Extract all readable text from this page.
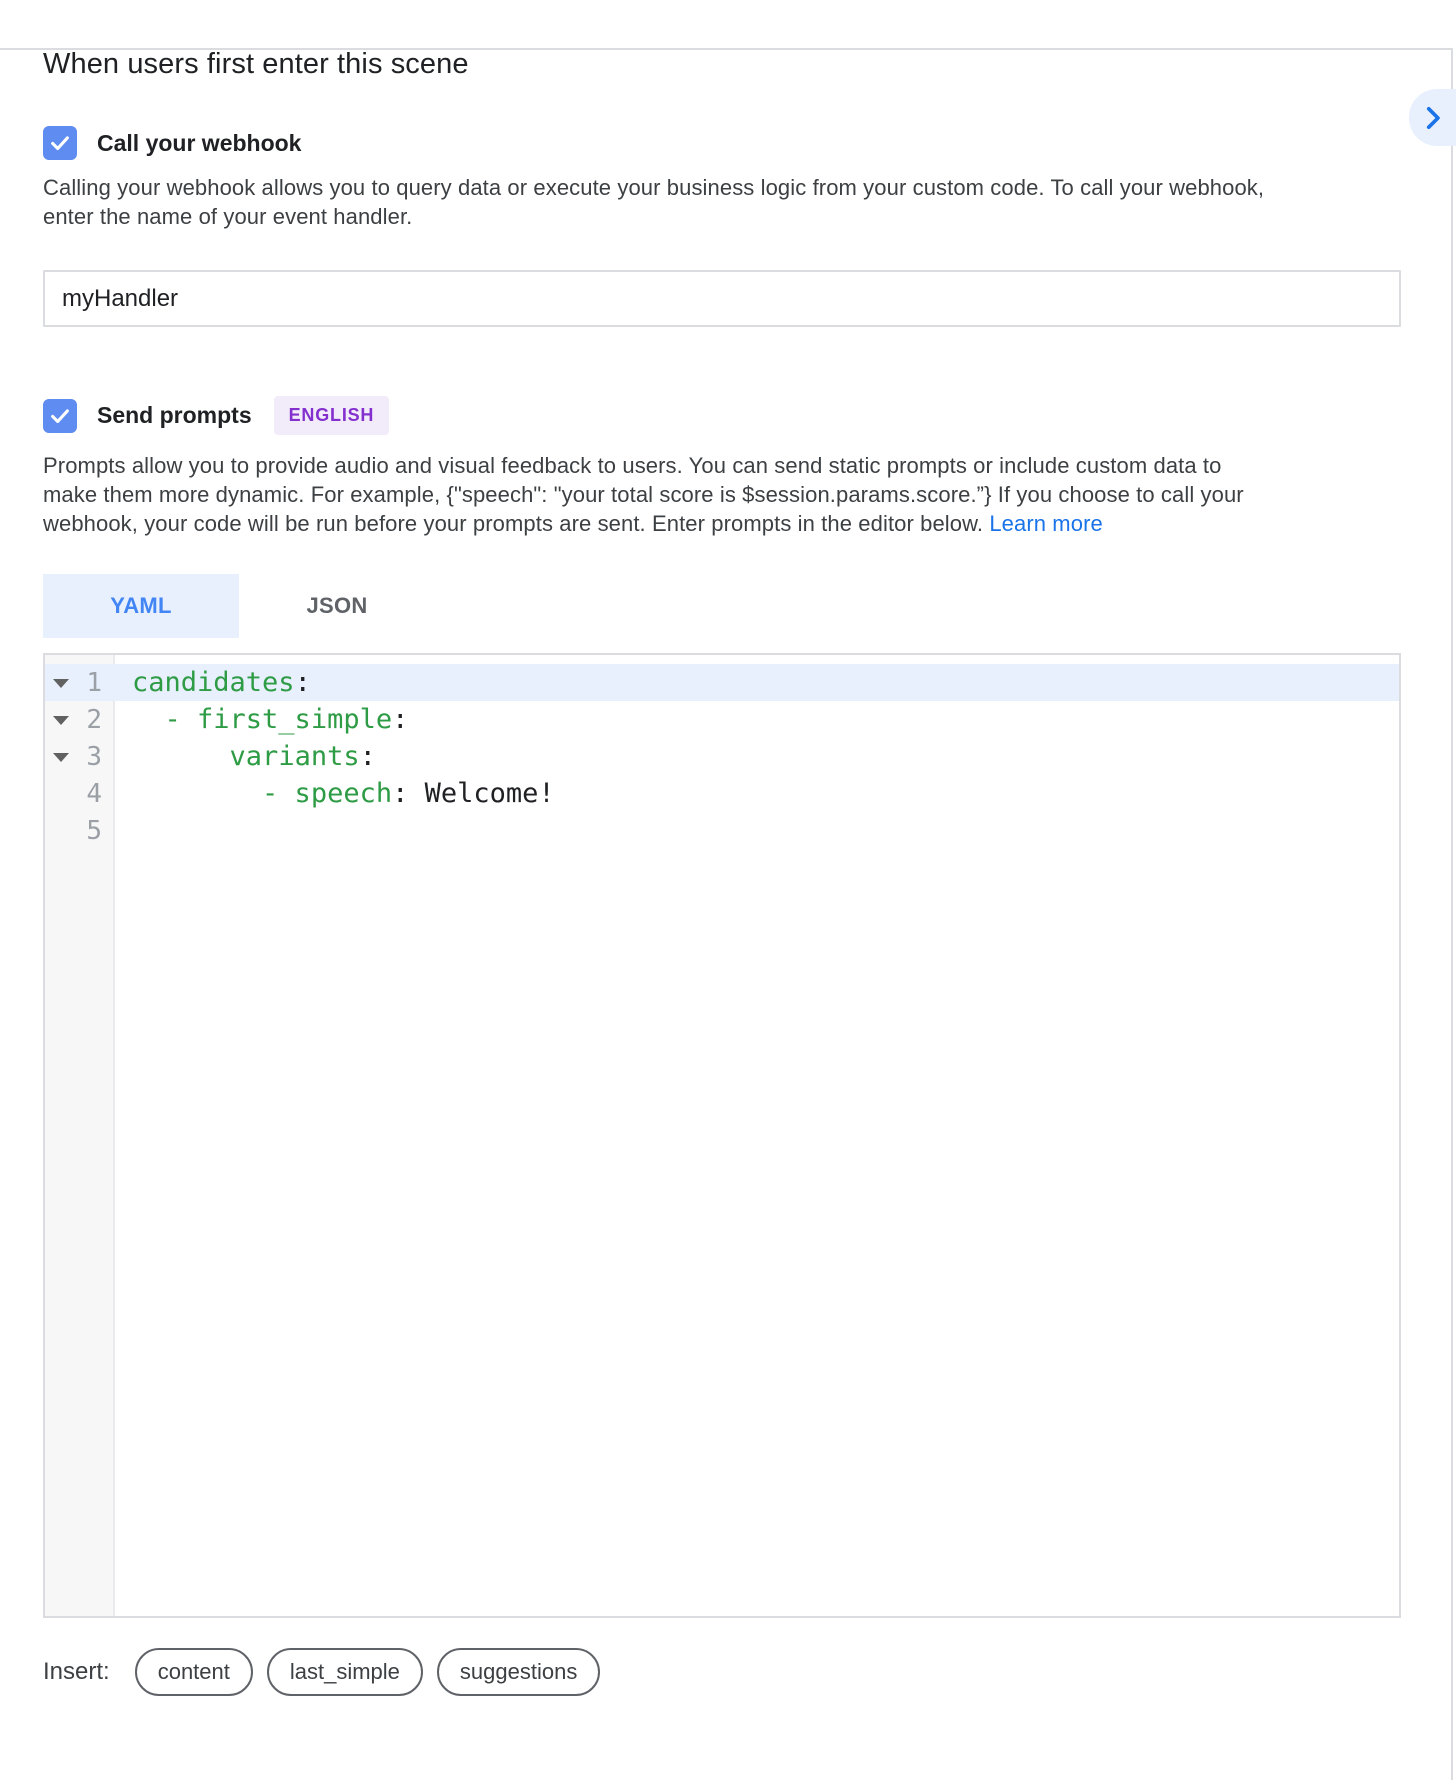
When users first enter this scene
Call your webhook

Calling your webhook allows you to query data or execute your business logic from your custom code. To call your webhook, enter the name of your event handler.

myHandler
Send prompts	ENGLISH

Prompts allow you to provide audio and visual feedback to users. You can send static prompts or include custom data to make them more dynamic. For example, {"speech": "your total score is $session.params.score.”} If you choose to call your webhook, your code will be run before your prompts are sent. Enter prompts in the editor below. Learn more

YAML	JSON
1	candidates:
2	- first_simple:
3	variants:
4	- speech: Welcome!
5
Insert:	content	last_simple	suggestions
